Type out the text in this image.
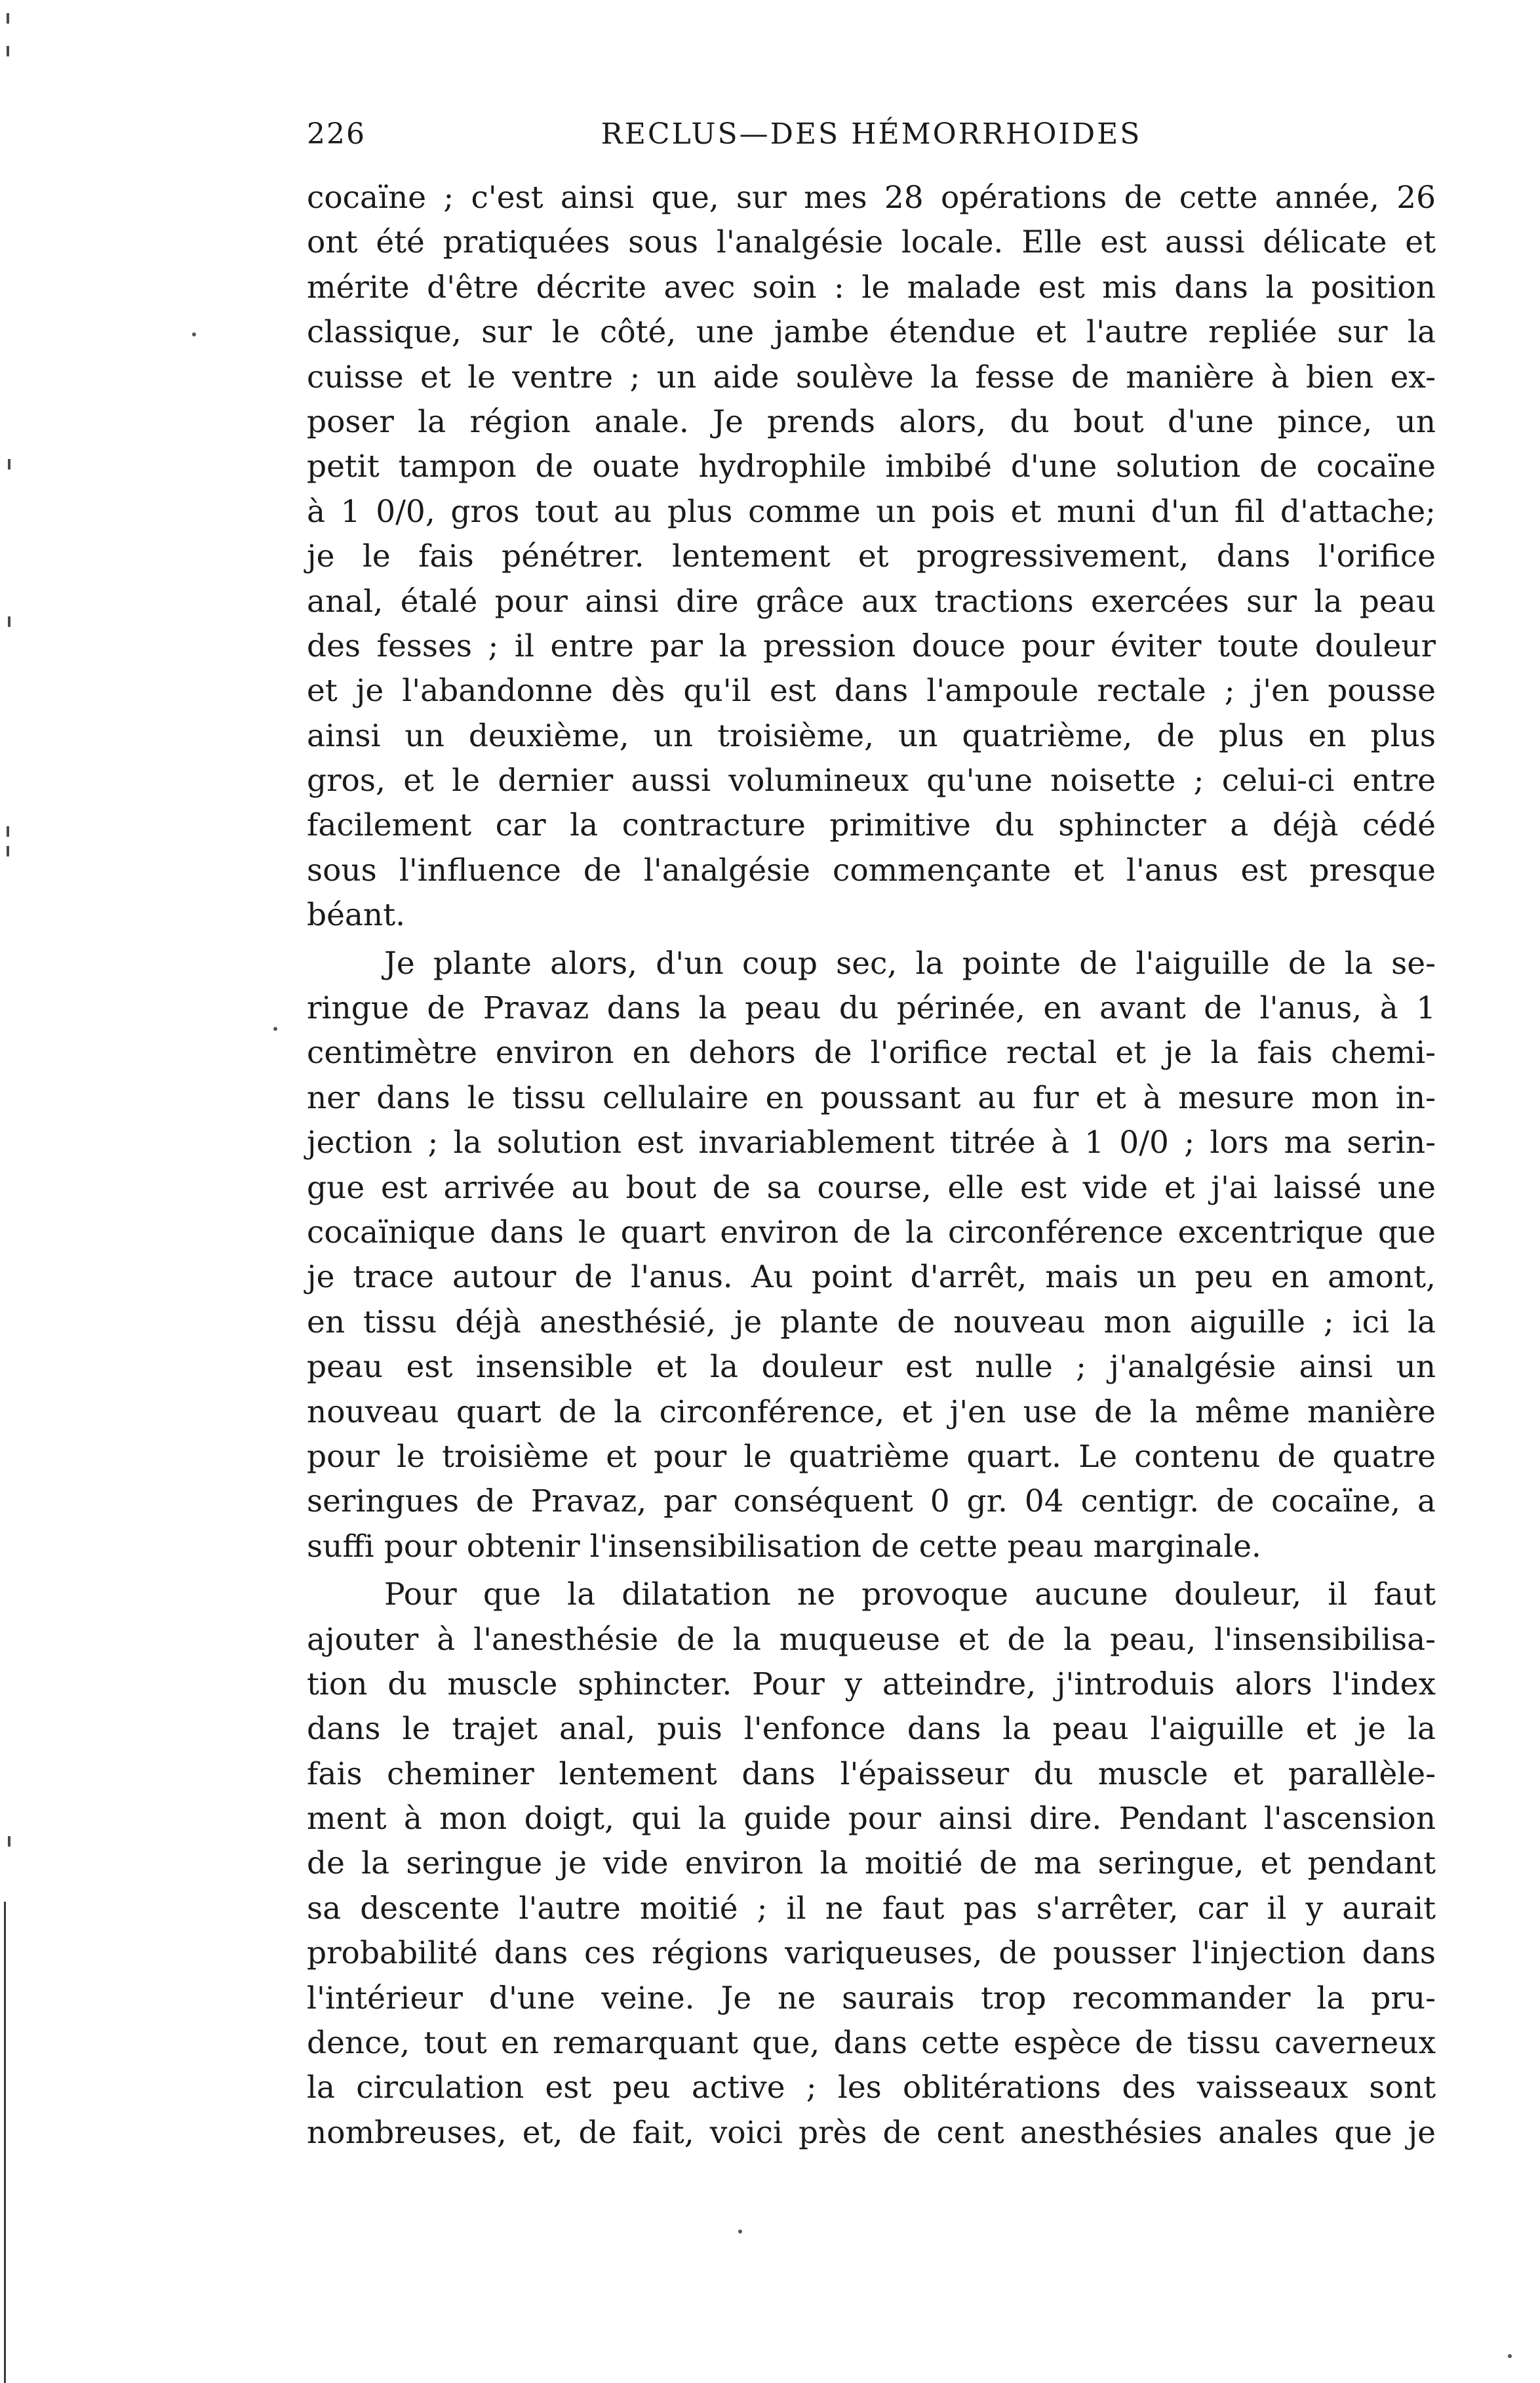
226	RECLUS—DES HÉMORRHOIDES

cocaïne ; c'est ainsi que, sur mes 28 opérations de cette année, 26
ont été pratiquées sous l'analgésie locale. Elle est aussi délicate et
mérite d'être décrite avec soin : le malade est mis dans la position
classique, sur le côté, une jambe étendue et l'autre repliée sur la
cuisse et le ventre ; un aide soulève la fesse de manière à bien ex-
poser la région anale. Je prends alors, du bout d'une pince, un
petit tampon de ouate hydrophile imbibé d'une solution de cocaïne
à 1 0/0, gros tout au plus comme un pois et muni d'un fil d'attache;
je le fais pénétrer. lentement et progressivement, dans l'orifice
anal, étalé pour ainsi dire grâce aux tractions exercées sur la peau
des fesses ; il entre par la pression douce pour éviter toute douleur
et je l'abandonne dès qu'il est dans l'ampoule rectale ; j'en pousse
ainsi un deuxième, un troisième, un quatrième, de plus en plus
gros, et le dernier aussi volumineux qu'une noisette ; celui-ci entre
facilement car la contracture primitive du sphincter a déjà cédé
sous l'influence de l'analgésie commençante et l'anus est presque
béant.

Je plante alors, d'un coup sec, la pointe de l'aiguille de la se-
ringue de Pravaz dans la peau du périnée, en avant de l'anus, à 1
centimètre environ en dehors de l'orifice rectal et je la fais chemi-
ner dans le tissu cellulaire en poussant au fur et à mesure mon in-
jection ; la solution est invariablement titrée à 1 0/0 ; lors ma serin-
gue est arrivée au bout de sa course, elle est vide et j'ai laissé une
cocaïnique dans le quart environ de la circonférence excentrique que
je trace autour de l'anus. Au point d'arrêt, mais un peu en amont,
en tissu déjà anesthésié, je plante de nouveau mon aiguille ; ici la
peau est insensible et la douleur est nulle ; j'analgésie ainsi un
nouveau quart de la circonférence, et j'en use de la même manière
pour le troisième et pour le quatrième quart. Le contenu de quatre
seringues de Pravaz, par conséquent 0 gr. 04 centigr. de cocaïne, a
suffi pour obtenir l'insensibilisation de cette peau marginale.

Pour que la dilatation ne provoque aucune douleur, il faut
ajouter à l'anesthésie de la muqueuse et de la peau, l'insensibilisa-
tion du muscle sphincter. Pour y atteindre, j'introduis alors l'index
dans le trajet anal, puis l'enfonce dans la peau l'aiguille et je la
fais cheminer lentement dans l'épaisseur du muscle et parallèle-
ment à mon doigt, qui la guide pour ainsi dire. Pendant l'ascension
de la seringue je vide environ la moitié de ma seringue, et pendant
sa descente l'autre moitié ; il ne faut pas s'arrêter, car il y aurait
probabilité dans ces régions variqueuses, de pousser l'injection dans
l'intérieur d'une veine. Je ne saurais trop recommander la pru-
dence, tout en remarquant que, dans cette espèce de tissu caverneux
la circulation est peu active ; les oblitérations des vaisseaux sont
nombreuses, et, de fait, voici près de cent anesthésies anales que je
